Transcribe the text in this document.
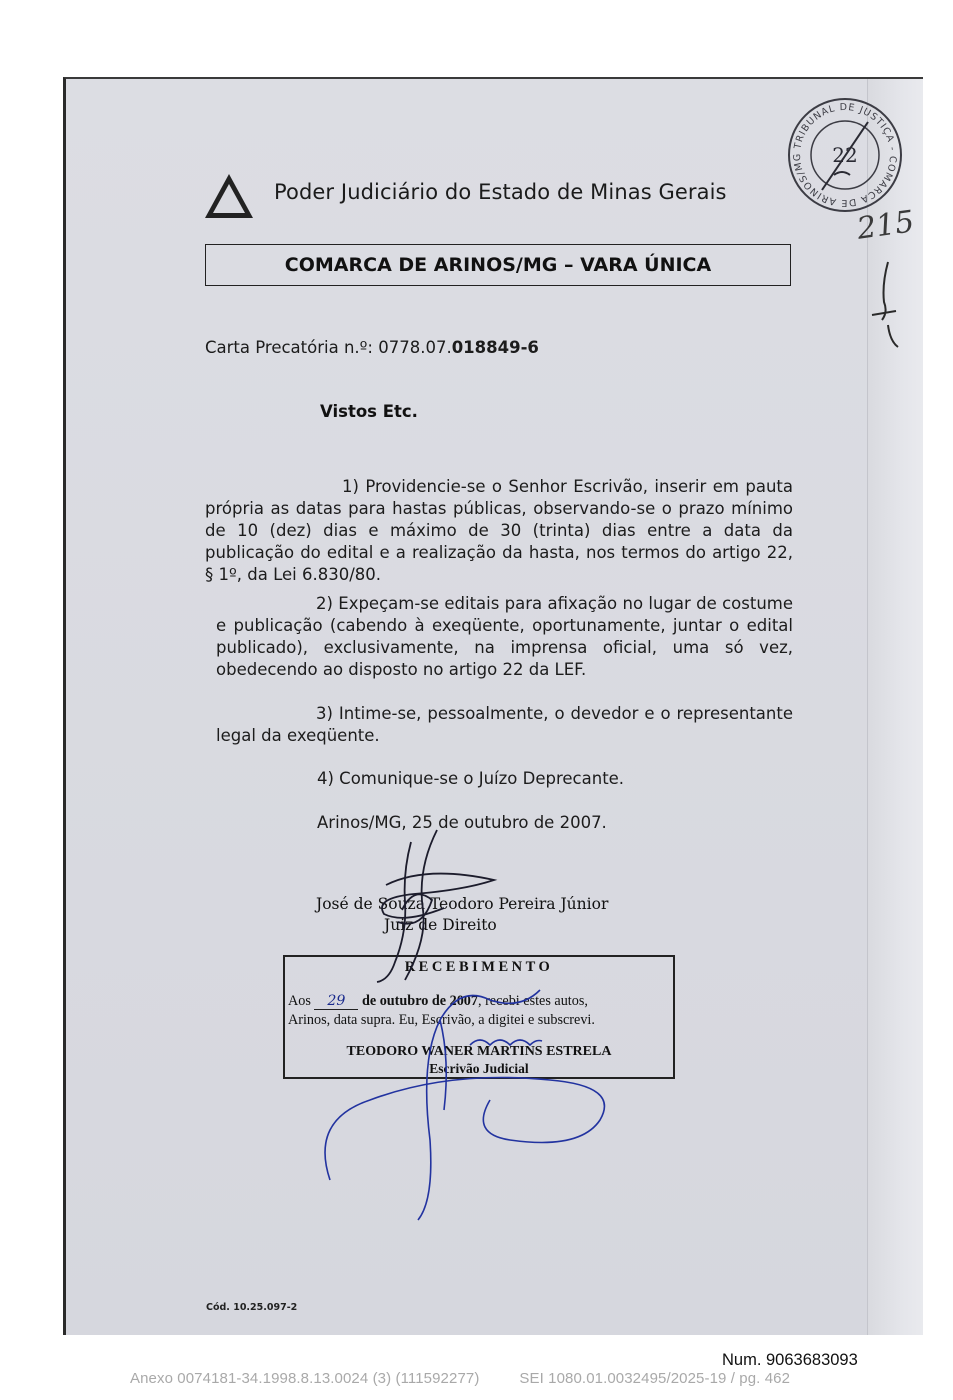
Poder Judiciário do Estado de Minas Gerais
COMARCA DE ARINOS/MG – VARA ÚNICA
Carta Precatória n.º: 0778.07.018849-6
Vistos Etc.
1) Providencie-se o Senhor Escrivão, inserir em pauta própria as datas para hastas públicas, observando-se o prazo mínimo de 10 (dez) dias e máximo de 30 (trinta) dias entre a data da publicação do edital e a realização da hasta, nos termos do artigo 22, § 1º, da Lei 6.830/80.
2) Expeçam-se editais para afixação no lugar de costume e publicação (cabendo à exeqüente, oportunamente, juntar o edital publicado), exclusivamente, na imprensa oficial, uma só vez, obedecendo ao disposto no artigo 22 da LEF.
3) Intime-se, pessoalmente, o devedor e o representante legal da exeqüente.
4) Comunique-se o Juízo Deprecante.
Arinos/MG, 25 de outubro de 2007.
José de Souza Teodoro Pereira Júnior
Juiz de Direito
RECEBIMENTO
Aos 29 de outubro de 2007, recebi estes autos,
Arinos, data supra. Eu, Escrivão, a digitei e subscrevi.
TEODORO WANER MARTINS ESTRELA
Escrivão Judicial
Cód. 10.25.097-2
215
TRIBUNAL DE JUSTIÇA - COMARCA DE ARINOS/MG	22
Num. 9063683093
Anexo 0074181-34.1998.8.13.0024 (3) (111592277)	SEI 1080.01.0032495/2025-19 / pg. 462
